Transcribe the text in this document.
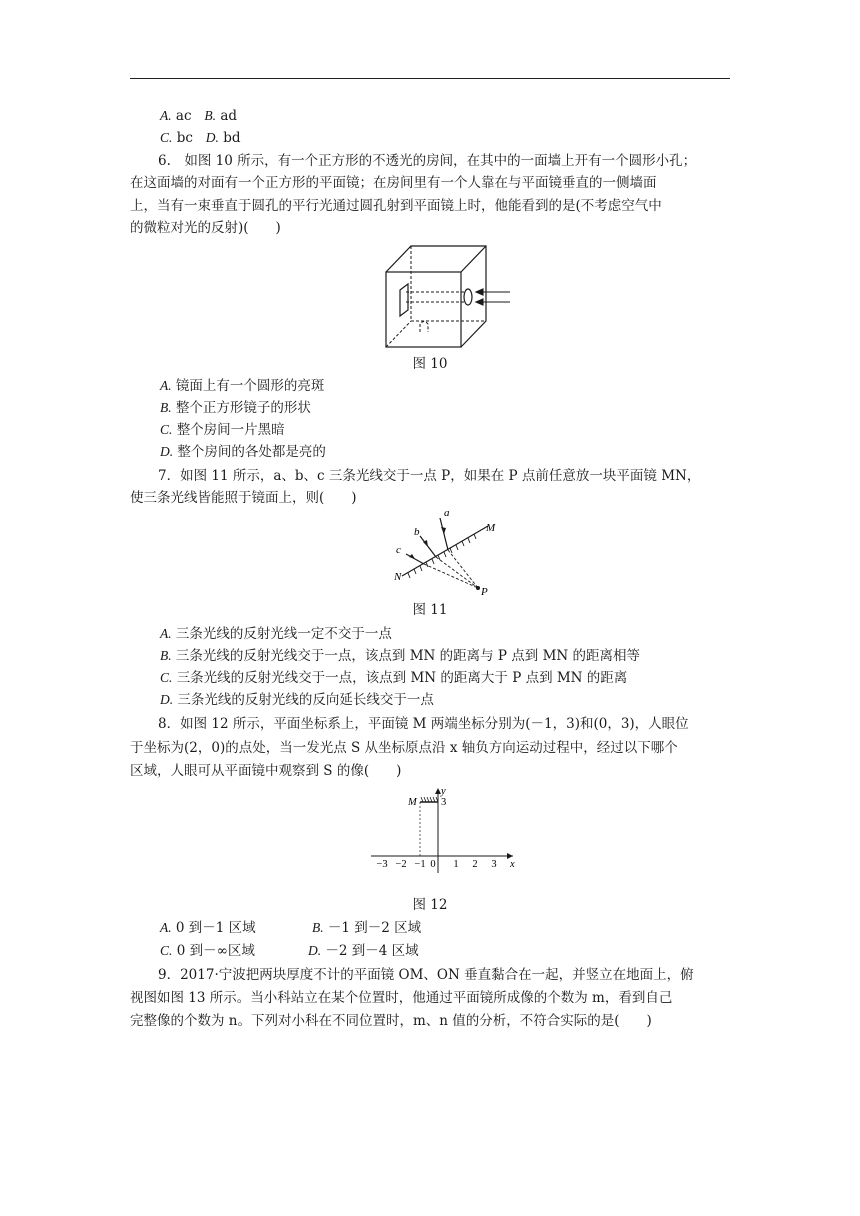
A. ac B. ad
C. bc D. bd
6.　如图 10 所示，有一个正方形的不透光的房间，在其中的一面墙上开有一个圆形小孔；
在这面墙的对面有一个正方形的平面镜；在房间里有一个人靠在与平面镜垂直的一侧墙面
上，当有一束垂直于圆孔的平行光通过圆孔射到平面镜上时，他能看到的是(不考虑空气中
的微粒对光的反射)(　　)
图 10
A. 镜面上有一个圆形的亮斑
B. 整个正方形镜子的形状
C. 整个房间一片黑暗
D. 整个房间的各处都是亮的
7．如图 11 所示，a、b、c 三条光线交于一点 P，如果在 P 点前任意放一块平面镜 MN，
使三条光线皆能照于镜面上，则(　　)
a
b
c
M
N
P
图 11
A. 三条光线的反射光线一定不交于一点
B. 三条光线的反射光线交于一点，该点到 MN 的距离与 P 点到 MN 的距离相等
C. 三条光线的反射光线交于一点，该点到 MN 的距离大于 P 点到 MN 的距离
D. 三条光线的反射光线的反向延长线交于一点
8．如图 12 所示，平面坐标系上，平面镜 M 两端坐标分别为(－1，3)和(0，3)，人眼位
于坐标为(2，0)的点处，当一发光点 S 从坐标原点沿 x 轴负方向运动过程中，经过以下哪个
区域，人眼可从平面镜中观察到 S 的像(　　)
M
y
3
x
−3 −2 −1 0 1 2 3
图 12
A. 0 到－1 区域	B. －1 到－2 区域
C. 0 到－∞区域	D. －2 到－4 区域
9．2017·宁波把两块厚度不计的平面镜 OM、ON 垂直黏合在一起，并竖立在地面上，俯
视图如图 13 所示。当小科站立在某个位置时，他通过平面镜所成像的个数为 m，看到自己
完整像的个数为 n。下列对小科在不同位置时，m、n 值的分析，不符合实际的是(　　)
